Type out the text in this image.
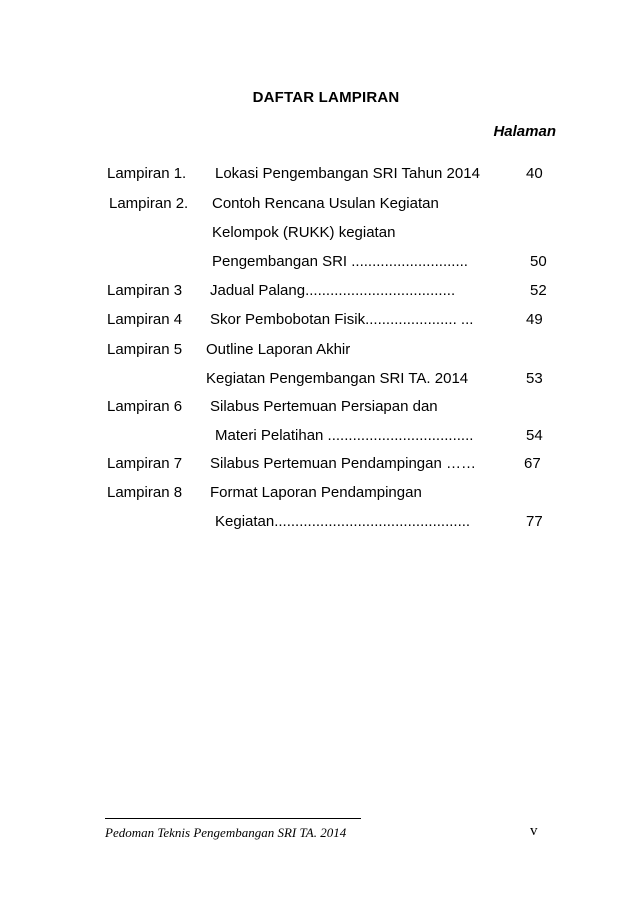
DAFTAR LAMPIRAN
Halaman
Lampiran 1. Lokasi Pengembangan SRI Tahun 2014	40
Lampiran 2. Contoh Rencana Usulan Kegiatan
Kelompok (RUKK) kegiatan
Pengembangan SRI ............................	50
Lampiran 3 Jadual Palang....................................	52
Lampiran 4 Skor Pembobotan Fisik...................... ...	49
Lampiran 5 Outline Laporan Akhir
Kegiatan Pengembangan SRI TA. 2014	53
Lampiran 6 Silabus Pertemuan Persiapan dan
Materi Pelatihan ...................................	54
Lampiran 7 Silabus Pertemuan Pendampingan ……	67
Lampiran 8 Format Laporan Pendampingan
Kegiatan...............................................	77
Pedoman Teknis Pengembangan SRI TA. 2014	v
